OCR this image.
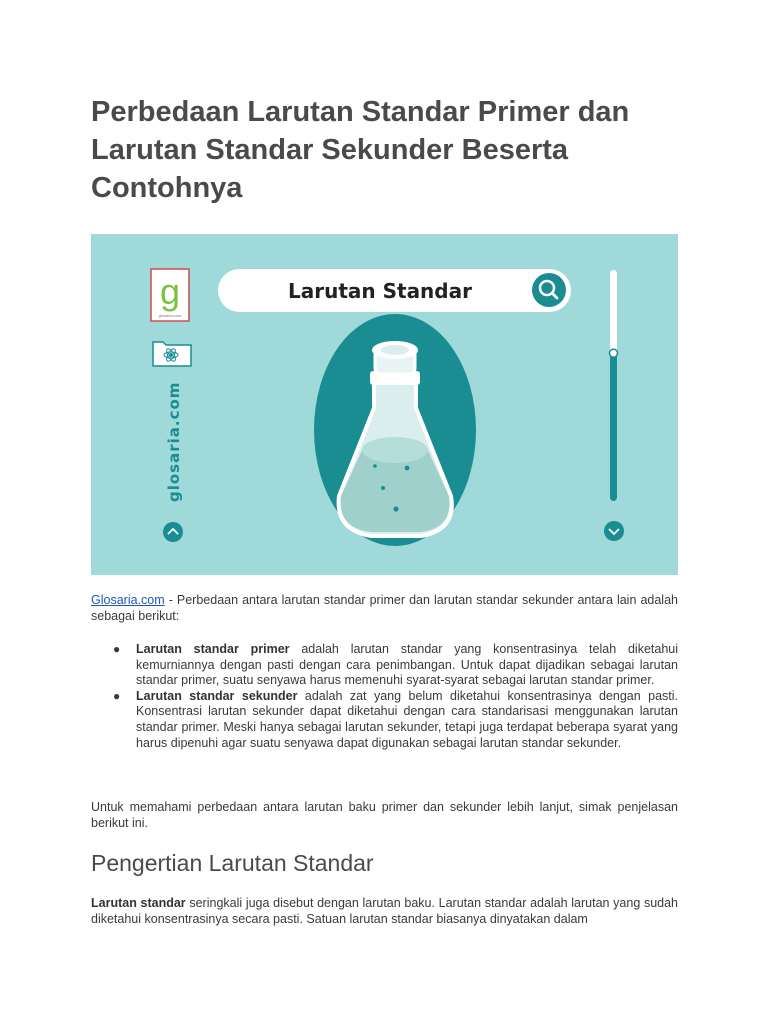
Perbedaan Larutan Standar Primer dan Larutan Standar Sekunder Beserta Contohnya
g
glosaria.com
glosaria.com
Larutan Standar

Glosaria.com - Perbedaan antara larutan standar primer dan larutan standar sekunder antara lain adalah sebagai berikut:

● Larutan standar primer adalah larutan standar yang konsentrasinya telah diketahui kemurniannya dengan pasti dengan cara penimbangan. Untuk dapat dijadikan sebagai larutan standar primer, suatu senyawa harus memenuhi syarat-syarat sebagai larutan standar primer.
● Larutan standar sekunder adalah zat yang belum diketahui konsentrasinya dengan pasti. Konsentrasi larutan sekunder dapat diketahui dengan cara standarisasi menggunakan larutan standar primer. Meski hanya sebagai larutan sekunder, tetapi juga terdapat beberapa syarat yang harus dipenuhi agar suatu senyawa dapat digunakan sebagai larutan standar sekunder.

Untuk memahami perbedaan antara larutan baku primer dan sekunder lebih lanjut, simak penjelasan berikut ini.

Pengertian Larutan Standar

Larutan standar seringkali juga disebut dengan larutan baku. Larutan standar adalah larutan yang sudah diketahui konsentrasinya secara pasti. Satuan larutan standar biasanya dinyatakan dalam
